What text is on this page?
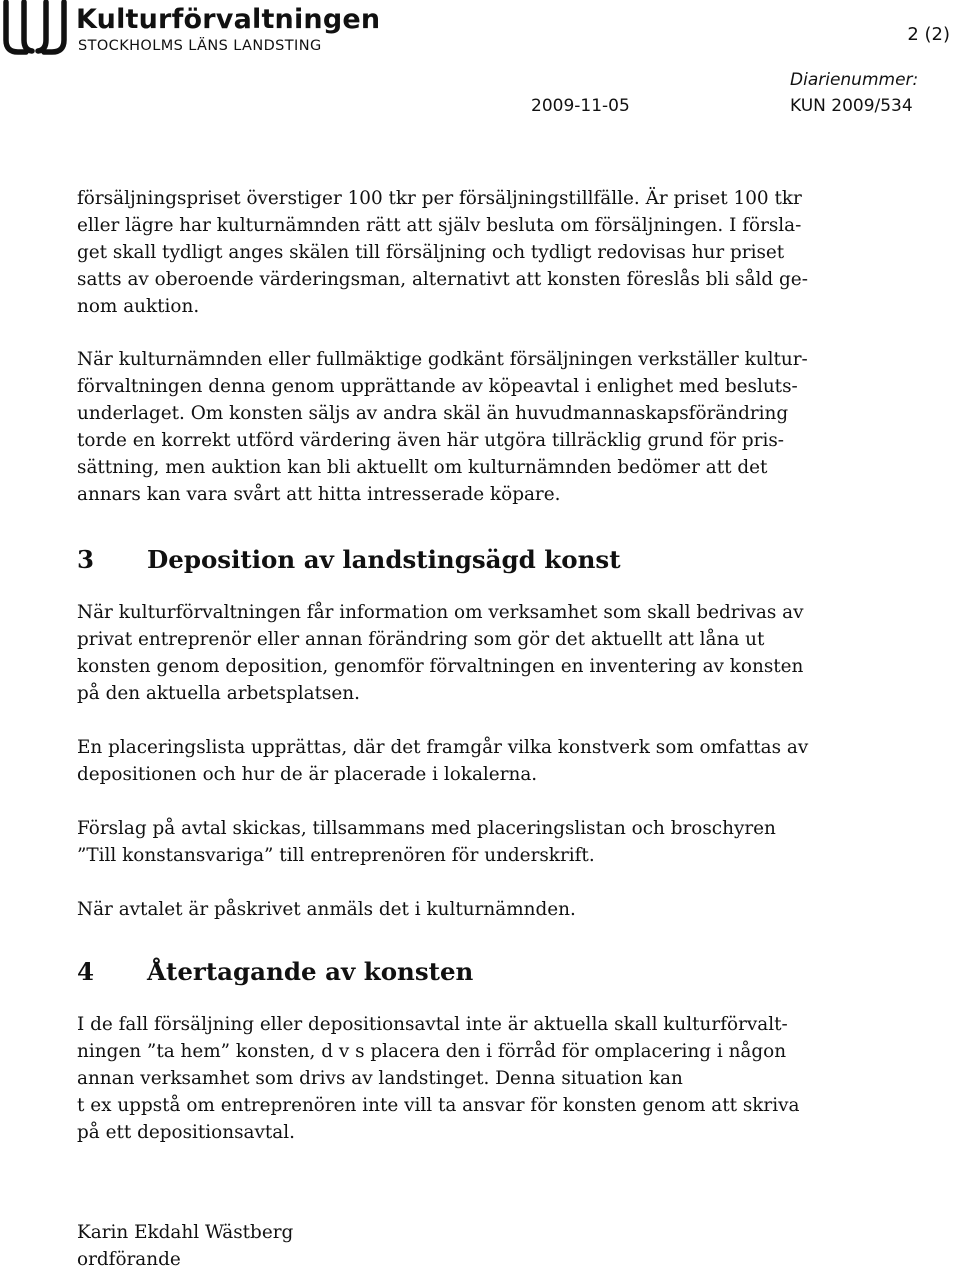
Kulturförvaltningen
STOCKHOLMS LÄNS LANDSTING
2 (2)
Diarienummer:
2009-11-05	KUN 2009/534

försäljningspriset överstiger 100 tkr per försäljningstillfälle. Är priset 100 tkr

eller lägre har kulturnämnden rätt att själv besluta om försäljningen. I försla-

get skall tydligt anges skälen till försäljning och tydligt redovisas hur priset

satts av oberoende värderingsman, alternativt att konsten föreslås bli såld ge-

nom auktion.

När kulturnämnden eller fullmäktige godkänt försäljningen verkställer kultur-

förvaltningen denna genom upprättande av köpeavtal i enlighet med besluts-

underlaget. Om konsten säljs av andra skäl än huvudmannaskapsförändring

torde en korrekt utförd värdering även här utgöra tillräcklig grund för pris-

sättning, men auktion kan bli aktuellt om kulturnämnden bedömer att det

annars kan vara svårt att hitta intresserade köpare.

3 Deposition av landstingsägd konst

När kulturförvaltningen får information om verksamhet som skall bedrivas av

privat entreprenör eller annan förändring som gör det aktuellt att låna ut

konsten genom deposition, genomför förvaltningen en inventering av konsten

på den aktuella arbetsplatsen.

En placeringslista upprättas, där det framgår vilka konstverk som omfattas av

depositionen och hur de är placerade i lokalerna.

Förslag på avtal skickas, tillsammans med placeringslistan och broschyren

”Till konstansvariga” till entreprenören för underskrift.

När avtalet är påskrivet anmäls det i kulturnämnden.

4 Återtagande av konsten

I de fall försäljning eller depositionsavtal inte är aktuella skall kulturförvalt-

ningen ”ta hem” konsten, d v s placera den i förråd för omplacering i någon

annan verksamhet som drivs av landstinget. Denna situation kan

t ex uppstå om entreprenören inte vill ta ansvar för konsten genom att skriva

på ett depositionsavtal.

Karin Ekdahl Wästberg
ordförande
